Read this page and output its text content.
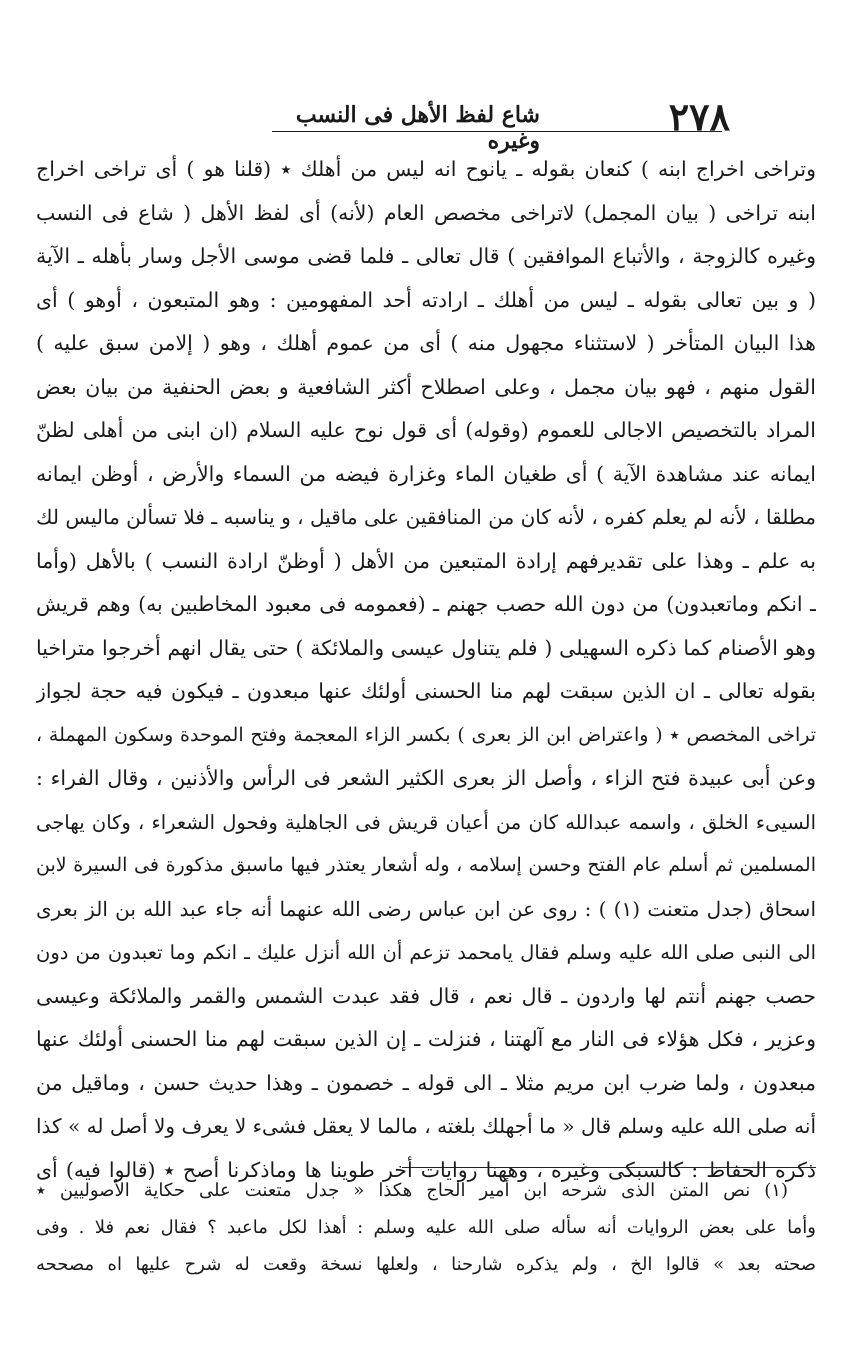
٢٧٨
شاع لفظ الأهل فى النسب وغيره
وتراخى اخراج ابنه ) كنعان بقوله ـ يانوح انه ليس من أهلك ٭ (قلنا هو ) أى تراخى اخراج
ابنه تراخى ( بيان المجمل) لاتراخى مخصص العام (لأنه) أى لفظ الأهل ( شاع فى النسب
وغيره كالزوجة ، والأتباع الموافقين ) قال تعالى ـ فلما قضى موسى الأجل وسار بأهله ـ الآية
( و بين تعالى بقوله ـ ليس من أهلك ـ ارادته أحد المفهومين : وهو المتبعون ، أوهو ) أى
هذا البيان المتأخر ( لاستثناء مجهول منه ) أى من عموم أهلك ، وهو ( إلامن سبق عليه )
القول منهم ، فهو بيان مجمل ، وعلى اصطلاح أكثر الشافعية و بعض الحنفية من بيان بعض
المراد بالتخصيص الاجالى للعموم (وقوله) أى قول نوح عليه السلام (ان ابنى من أهلى لظنّ
ايمانه عند مشاهدة الآية ) أى طغيان الماء وغزارة فيضه من السماء والأرض ، أوظن ايمانه
مطلقا ، لأنه لم يعلم كفره ، لأنه كان من المنافقين على ماقيل ، و يناسبه ـ فلا تسألن ماليس لك
به علم ـ وهذا على تقديرفهم إرادة المتبعين من الأهل ( أوظنّ ارادة النسب ) بالأهل (وأما
ـ انكم وماتعبدون) من دون الله حصب جهنم ـ (فعمومه فى معبود المخاطبين به) وهم قريش
وهو الأصنام كما ذكره السهيلى ( فلم يتناول عيسى والملائكة ) حتى يقال انهم أخرجوا متراخيا
بقوله تعالى ـ ان الذين سبقت لهم منا الحسنى أولئك عنها مبعدون ـ فيكون فيه حجة لجواز
تراخى المخصص ٭ ( واعتراض ابن الز بعرى ) بكسر الزاء المعجمة وفتح الموحدة وسكون المهملة ،
وعن أبى عبيدة فتح الزاء ، وأصل الز بعرى الكثير الشعر فى الرأس والأذنين ، وقال الفراء :
السيىء الخلق ، واسمه عبدالله كان من أعيان قريش فى الجاهلية وفحول الشعراء ، وكان يهاجى
المسلمين ثم أسلم عام الفتح وحسن إسلامه ، وله أشعار يعتذر فيها ماسبق مذكورة فى السيرة لابن
اسحاق (جدل متعنت (١) ) : روى عن ابن عباس رضى الله عنهما أنه جاء عبد الله بن الز بعرى
الى النبى صلى الله عليه وسلم فقال يامحمد تزعم أن الله أنزل عليك ـ انكم وما تعبدون من دون
حصب جهنم أنتم لها واردون ـ قال نعم ، قال فقد عبدت الشمس والقمر والملائكة وعيسى
وعزير ، فكل هؤلاء فى النار مع آلهتنا ، فنزلت ـ إن الذين سبقت لهم منا الحسنى أولئك عنها
مبعدون ، ولما ضرب ابن مريم مثلا ـ الى قوله ـ خصمون ـ وهذا حديث حسن ، وماقيل من
أنه صلى الله عليه وسلم قال « ما أجهلك بلغته ، مالما لا يعقل فشىء لا يعرف ولا أصل له » كذا
ذكره الحفاظ : كالسبكى وغيره ، وههنا روايات أخر طوينا ها وماذكرنا أصح ٭ (قالوا فيه) أى
(١) نص المتن الذى شرحه ابن أمير الحاج هكذا « جدل متعنت على حكاية الأصوليين ٭
وأما على بعض الروايات أنه سأله صلى الله عليه وسلم : أهذا لكل ماعبد ؟ فقال نعم فلا . وفى
صحته بعد » قالوا الخ ، ولم يذكره شارحنا ، ولعلها نسخة وقعت له شرح عليها اه مصححه
